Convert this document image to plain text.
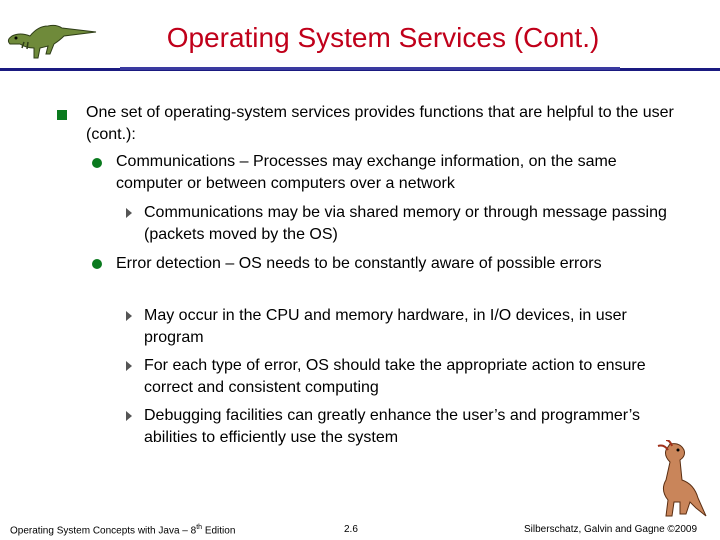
Operating System Services (Cont.)
One set of operating-system services provides functions that are helpful to the user (cont.):
Communications – Processes may exchange information, on the same computer or between computers over a network
Communications may be via shared memory or through message passing (packets moved by the OS)
Error detection – OS needs to be constantly aware of possible errors
May occur in the CPU and memory hardware, in I/O devices, in user program
For each type of error, OS should take the appropriate action to ensure correct and consistent computing
Debugging facilities can greatly enhance the user’s and programmer’s abilities to efficiently use the system
Operating System Concepts with Java – 8th Edition	2.6	Silberschatz, Galvin and Gagne ©2009
